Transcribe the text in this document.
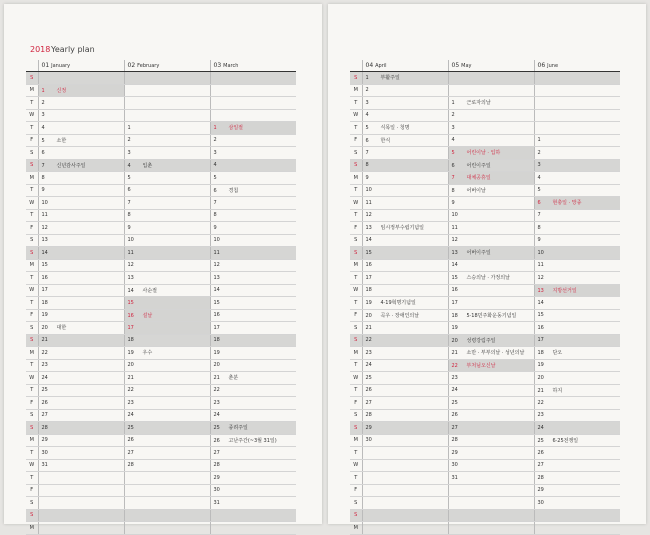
2018 Yearly plan
	01 January	02 February	03 March
S			
M	1 신정		
T	2		
W	3		
T	4	1	1 삼일절
F	5 소한	2	2
S	6	3	3
S	7 신년감사주일	4 입춘	4
M	8	5	5
T	9	6	6 경칩
W	10	7	7
T	11	8	8
F	12	9	9
S	13	10	10
S	14	11	11
M	15	12	12
T	16	13	13
W	17	14 사순절	14
T	18	15	15
F	19	16 설날	16
S	20 대한	17	17
S	21	18	18
M	22	19 우수	19
T	23	20	20
W	24	21	21 춘분
T	25	22	22
F	26	23	23
S	27	24	24
S	28	25	25 종려주일
M	29	26	26 고난주간(~3월 31일)
T	30	27	27
W	31	28	28
T			29
F			30
S			31
S			
M			
	04 April	05 May	06 June
S	1 부활주일		
M	2		
T	3	1 근로자의날	
W	4	2	
T	5 식목일 · 청명	3	
F	6 한식	4	1
S	7	5 어린이날 · 입하	2
S	8	6 어린이주일	3
M	9	7 대체공휴일	4
T	10	8 어버이날	5
W	11	9	6 현충일 · 망종
T	12	10	7
F	13 임시정부수립기념일	11	8
S	14	12	9
S	15	13 어버이주일	10
M	16	14	11
T	17	15 스승의날 · 가정의날	12
W	18	16	13 지방선거일
T	19 4·19혁명기념일	17	14
F	20 곡우 · 장애인의날	18 5·18민주화운동기념일	15
S	21	19	16
S	22	20 성령강림주일	17
M	23	21 소만 · 부부의날 · 성년의날	18 단오
T	24	22 부처님오신날	19
W	25	23	20
T	26	24	21 하지
F	27	25	22
S	28	26	23
S	29	27	24
M	30	28	25 6·25전쟁일
T		29	26
W		30	27
T		31	28
F			29
S			30
S			
M			
